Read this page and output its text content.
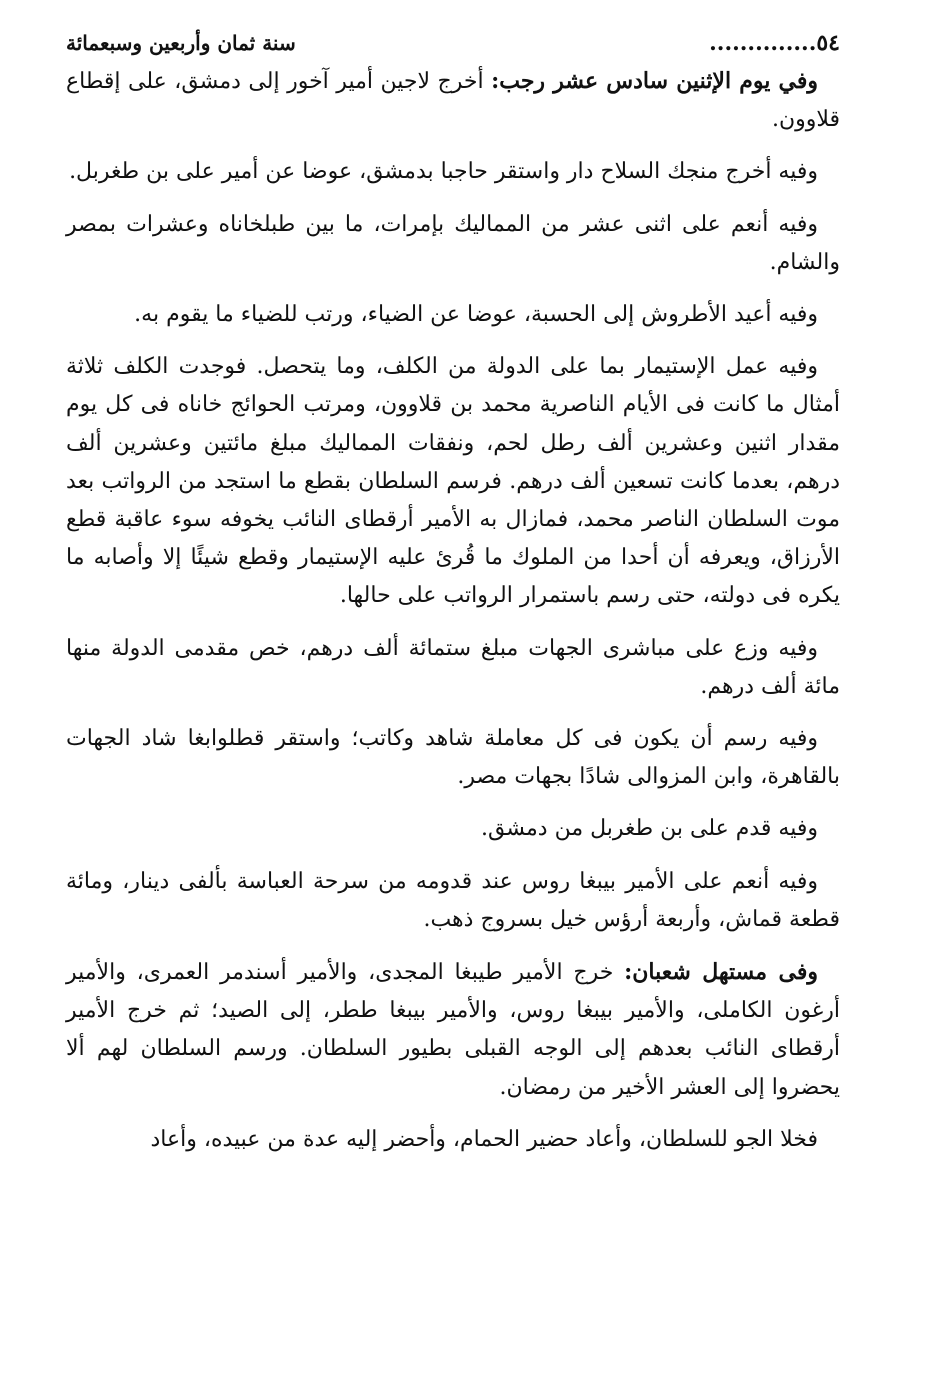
٥٤..............
سنة ثمان وأربعين وسبعمائة

وفي يوم الإثنين سادس عشر رجب: أخرج لاجين أمير آخور إلى دمشق، على إقطاع قلاوون.

وفيه أخرج منجك السلاح دار واستقر حاجبا بدمشق، عوضا عن أمير على بن طغربل.

وفيه أنعم على اثنى عشر من المماليك بإمرات، ما بين طبلخاناه وعشرات بمصر والشام.

وفيه أعيد الأطروش إلى الحسبة، عوضا عن الضياء، ورتب للضياء ما يقوم به.

وفيه عمل الإستيمار بما على الدولة من الكلف، وما يتحصل. فوجدت الكلف ثلاثة أمثال ما كانت فى الأيام الناصرية محمد بن قلاوون، ومرتب الحوائج خاناه فى كل يوم مقدار اثنين وعشرين ألف رطل لحم، ونفقات المماليك مبلغ مائتين وعشرين ألف درهم، بعدما كانت تسعين ألف درهم. فرسم السلطان بقطع ما استجد من الرواتب بعد موت السلطان الناصر محمد، فمازال به الأمير أرقطاى النائب يخوفه سوء عاقبة قطع الأرزاق، ويعرفه أن أحدا من الملوك ما قُرئ عليه الإستيمار وقطع شيئًا إلا وأصابه ما يكره فى دولته، حتى رسم باستمرار الرواتب على حالها.

وفيه وزع على مباشرى الجهات مبلغ ستمائة ألف درهم، خص مقدمى الدولة منها مائة ألف درهم.

وفيه رسم أن يكون فى كل معاملة شاهد وكاتب؛ واستقر قطلوابغا شاد الجهات بالقاهرة، وابن المزوالى شادًا بجهات مصر.

وفيه قدم على بن طغربل من دمشق.

وفيه أنعم على الأمير بيبغا روس عند قدومه من سرحة العباسة بألفى دينار، ومائة قطعة قماش، وأربعة أرؤس خيل بسروج ذهب.

وفى مستهل شعبان: خرج الأمير طيبغا المجدى، والأمير أسندمر العمرى، والأمير أرغون الكاملى، والأمير بيبغا روس، والأمير بيبغا ططر، إلى الصيد؛ ثم خرج الأمير أرقطاى النائب بعدهم إلى الوجه القبلى بطيور السلطان. ورسم السلطان لهم ألا يحضروا إلى العشر الأخير من رمضان.

فخلا الجو للسلطان، وأعاد حضير الحمام، وأحضر إليه عدة من عبيده، وأعاد
